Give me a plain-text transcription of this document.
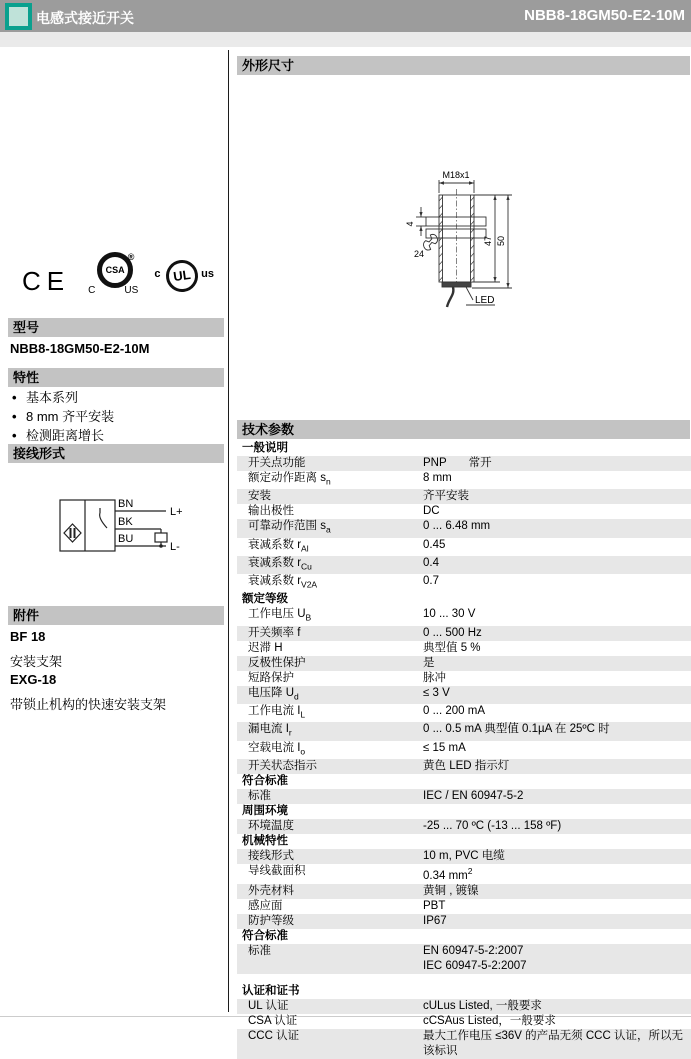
电感式接近开关	NBB8-18GM50-E2-10M
CE	CSA
®
C	US
c UL us
型号
NBB8-18GM50-E2-10M
特性
• 基本系列
• 8 mm 齐平安装
• 检测距离增长
接线形式
BN
BK
BU
L+
L-
附件
BF 18
安装支架
EXG-18
带锁止机构的快速安装支架
外形尺寸
M18x1
4
24
47 50
LED
技术参数
一般说明
开关点功能	PNP 常开
额定动作距离 $s_n$	8 mm
安装	齐平安装
输出极性	DC
可靠动作范围 $s_a$	0 ... 6.48 mm
衰减系数 $r_{Al}$	0.45
衰减系数 $r_{Cu}$	0.4
衰减系数 $r_{V2A}$	0.7
额定等级
工作电压 $U_B$	10 ... 30 V
开关频率 f	0 ... 500 Hz
迟滞 H	典型值 5 %
反极性保护	是
短路保护	脉冲
电压降 $U_d$	≤ 3 V
工作电流 $I_L$	0 ... 200 mA
漏电流 $I_r$	0 ... 0.5 mA 典型值 0.1µA 在 25ºC 时
空载电流 $I_o$	≤ 15 mA
开关状态指示	黄色 LED 指示灯
符合标准
标准	IEC / EN 60947-5-2
周围环境
环境温度	-25 ... 70 ºC (-13 ... 158 ºF)
机械特性
接线形式	10 m, PVC 电缆
导线截面积	0.34 $mm^2$
外壳材料	黄铜 , 镀镍
感应面	PBT
防护等级	IP67
符合标准
标准	EN 60947-5-2:2007
IEC 60947-5-2:2007
认证和证书
UL 认证	cULus Listed, 一般要求
CSA 认证	cCSAus Listed，一般要求
CCC 认证	最大工作电压 ≤36V 的产品无须 CCC 认证，所以无该标识
